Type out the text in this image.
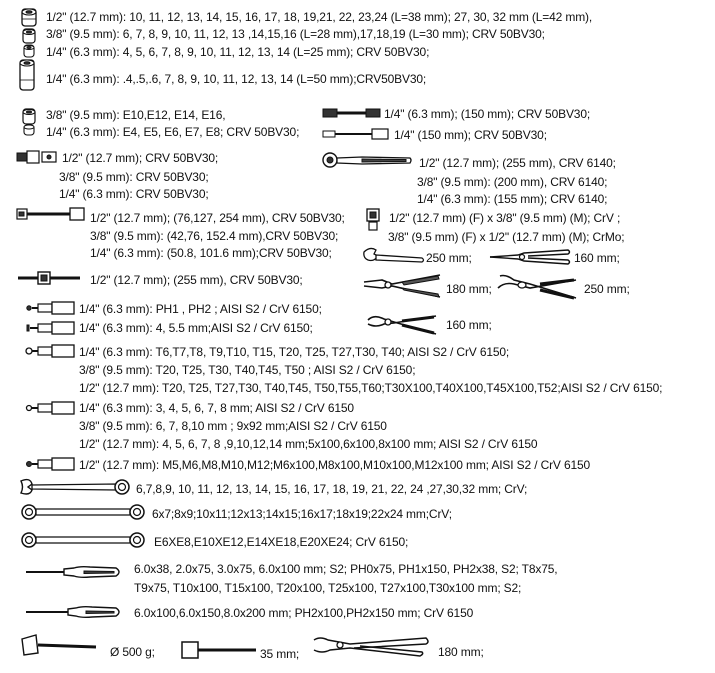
1/2" (12.7 mm): 10, 11, 12, 13, 14, 15, 16, 17, 18, 19,21, 22, 23,24 (L=38 mm); 27, 30, 32 mm (L=42 mm),
3/8" (9.5 mm): 6, 7, 8, 9, 10, 11, 12, 13 ,14,15,16 (L=28 mm),17,18,19 (L=30 mm); CRV 50BV30;
1/4" (6.3 mm): 4, 5, 6, 7, 8, 9, 10, 11, 12, 13, 14 (L=25 mm); CRV 50BV30;
1/4" (6.3 mm): .4,.5,.6, 7, 8, 9, 10, 11, 12, 13, 14 (L=50 mm);CRV50BV30;
3/8" (9.5 mm): E10,E12, E14, E16,
1/4" (6.3 mm): E4, E5, E6, E7, E8; CRV 50BV30;
1/4" (6.3 mm); (150 mm); CRV 50BV30;
1/4" (150 mm); CRV 50BV30;
1/2" (12.7 mm); CRV 50BV30;
3/8" (9.5 mm): CRV 50BV30;
1/4" (6.3 mm): CRV 50BV30;
1/2" (12.7 mm); (255 mm), CRV 6140;
3/8" (9.5 mm): (200 mm), CRV 6140;
1/4" (6.3 mm): (155 mm); CRV 6140;
1/2" (12.7 mm); (76,127, 254 mm), CRV 50BV30;
3/8" (9.5 mm): (42,76, 152.4 mm),CRV 50BV30;
1/4" (6.3 mm): (50.8, 101.6 mm);CRV 50BV30;
1/2" (12.7 mm) (F) x 3/8" (9.5 mm) (M); CrV ;
3/8" (9.5 mm) (F) x 1/2" (12.7 mm) (M); CrMo;
1/2" (12.7 mm); (255 mm), CRV 50BV30;
250 mm;	160 mm;
180 mm;	250 mm;
160 mm;
1/4" (6.3 mm): PH1 , PH2 ; AISI S2 / CrV 6150;
1/4" (6.3 mm): 4, 5.5 mm;AISI S2 / CrV 6150;
1/4" (6.3 mm): T6,T7,T8, T9,T10, T15, T20, T25, T27,T30, T40; AISI S2 / CrV 6150;
3/8" (9.5 mm): T20, T25, T30, T40,T45, T50 ; AISI S2 / CrV 6150;
1/2" (12.7 mm): T20, T25, T27,T30, T40,T45, T50,T55,T60;T30X100,T40X100,T45X100,T52;AISI S2 / CrV 6150;
1/4" (6.3 mm): 3, 4, 5, 6, 7, 8 mm; AISI S2 / CrV 6150
3/8" (9.5 mm): 6, 7, 8,10 mm ; 9x92 mm;AISI S2 / CrV 6150
1/2" (12.7 mm): 4, 5, 6, 7, 8 ,9,10,12,14 mm;5x100,6x100,8x100 mm; AISI S2 / CrV 6150
1/2" (12.7 mm): M5,M6,M8,M10,M12;M6x100,M8x100,M10x100,M12x100 mm; AISI S2 / CrV 6150
6,7,8,9, 10, 11, 12, 13, 14, 15, 16, 17, 18, 19, 21, 22, 24 ,27,30,32 mm; CrV;
6x7;8x9;10x11;12x13;14x15;16x17;18x19;22x24 mm;CrV;
E6XE8,E10XE12,E14XE18,E20XE24; CrV 6150;
6.0x38, 2.0x75, 3.0x75, 6.0x100 mm; S2; PH0x75, PH1x150, PH2x38, S2; T8x75,
T9x75, T10x100, T15x100, T20x100, T25x100, T27x100,T30x100 mm; S2;
6.0x100,6.0x150,8.0x200 mm; PH2x100,PH2x150 mm; CrV 6150
Ø 500 g;	35 mm;	180 mm;
